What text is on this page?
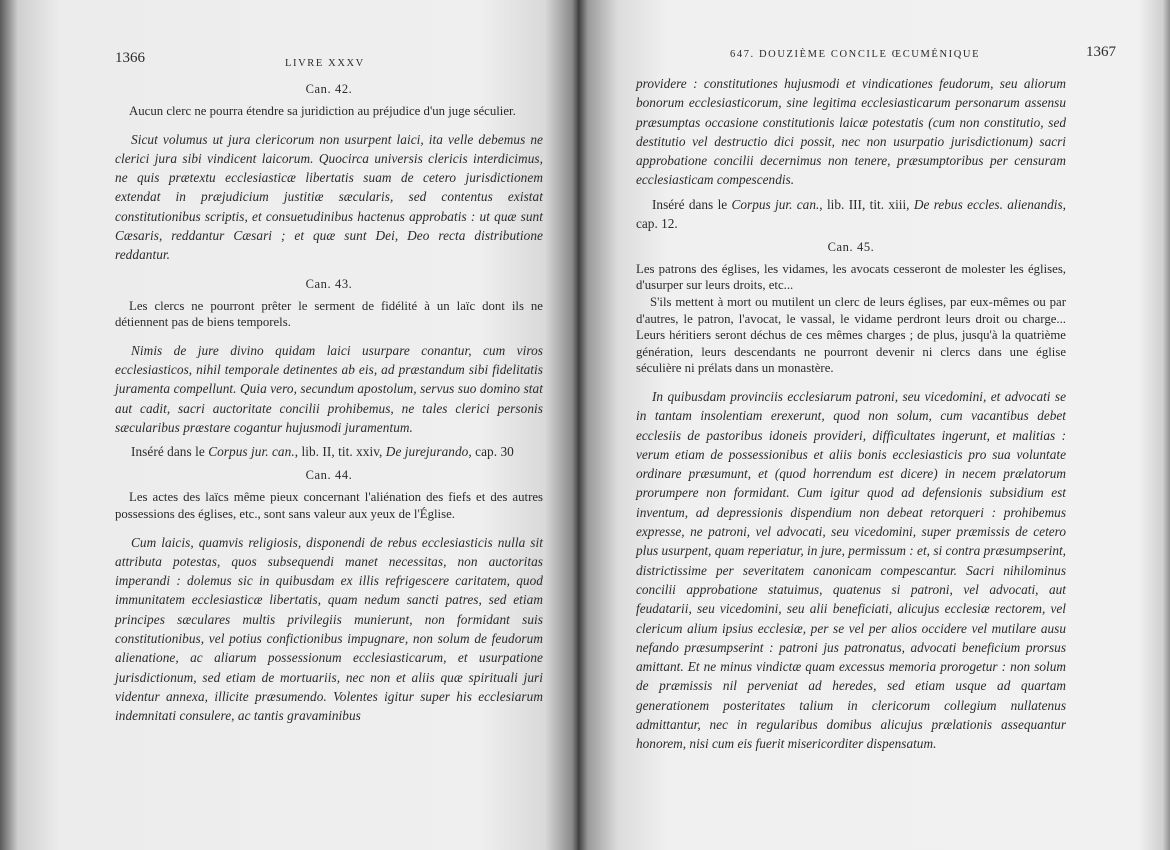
1366	LIVRE XXXV
Can. 42.

Aucun clerc ne pourra étendre sa juridiction au préjudice d'un juge séculier.

Sicut volumus ut jura clericorum non usurpent laici, ita velle debemus ne clerici jura sibi vindicent laicorum. Quocirca universis clericis interdicimus, ne quis prætextu ecclesiasticæ libertatis suam de cetero jurisdictionem extendat in præjudicium justitiæ sæcularis, sed contentus existat constitutionibus scriptis, et consuetudinibus hactenus approbatis : ut quæ sunt Cæsaris, reddantur Cæsari ; et quæ sunt Dei, Deo recta distributione reddantur.

Can. 43.

Les clercs ne pourront prêter le serment de fidélité à un laïc dont ils ne détiennent pas de biens temporels.

Nimis de jure divino quidam laici usurpare conantur, cum viros ecclesiasticos, nihil temporale detinentes ab eis, ad præstandum sibi fidelitatis juramenta compellunt. Quia vero, secundum apostolum, servus suo domino stat aut cadit, sacri auctoritate concilii prohibemus, ne tales clerici personis sæcularibus præstare cogantur hujusmodi juramentum.

Inséré dans le Corpus jur. can., lib. II, tit. xxiv, De jurejurando, cap. 30

Can. 44.

Les actes des laïcs même pieux concernant l'aliénation des fiefs et des autres possessions des églises, etc., sont sans valeur aux yeux de l'Église.

Cum laicis, quamvis religiosis, disponendi de rebus ecclesiasticis nulla sit attributa potestas, quos subsequendi manet necessitas, non auctoritas imperandi : dolemus sic in quibusdam ex illis refrigescere caritatem, quod immunitatem ecclesiasticæ libertatis, quam nedum sancti patres, sed etiam principes sæculares multis privilegiis munierunt, non formidant suis constitutionibus, vel potius confictionibus impugnare, non solum de feudorum alienatione, ac aliarum possessionum ecclesiasticarum, et usurpatione jurisdictionum, sed etiam de mortuariis, nec non et aliis quæ spirituali juri videntur annexa, illicite præsumendo. Volentes igitur super his ecclesiarum indemnitati consulere, ac tantis gravaminibus

647. DOUZIÈME CONCILE ŒCUMÉNIQUE	1367

providere : constitutiones hujusmodi et vindicationes feudorum, seu aliorum bonorum ecclesiasticorum, sine legitima ecclesiasticarum personarum assensu præsumptas occasione constitutionis laicæ potestatis (cum non constitutio, sed destitutio vel destructio dici possit, nec non usurpatio jurisdictionum) sacri approbatione concilii decernimus non tenere, præsumptoribus per censuram ecclesiasticam compescendis.

Inséré dans le Corpus jur. can., lib. III, tit. xiii, De rebus eccles. alienandis, cap. 12.

Can. 45.

Les patrons des églises, les vidames, les avocats cesseront de molester les églises, d'usurper sur leurs droits, etc...

S'ils mettent à mort ou mutilent un clerc de leurs églises, par eux-mêmes ou par d'autres, le patron, l'avocat, le vassal, le vidame perdront leurs droit ou charge... Leurs héritiers seront déchus de ces mêmes charges ; de plus, jusqu'à la quatrième génération, leurs descendants ne pourront devenir ni clercs dans une église séculière ni prélats dans un monastère.

In quibusdam provinciis ecclesiarum patroni, seu vicedomini, et advocati se in tantam insolentiam erexerunt, quod non solum, cum vacantibus debet ecclesiis de pastoribus idoneis provideri, difficultates ingerunt, et malitias : verum etiam de possessionibus et aliis bonis ecclesiasticis pro sua voluntate ordinare præsumunt, et (quod horrendum est dicere) in necem prælatorum prorumpere non formidant. Cum igitur quod ad defensionis subsidium est inventum, ad depressionis dispendium non debeat retorqueri : prohibemus expresse, ne patroni, vel advocati, seu vicedomini, super præmissis de cetero plus usurpent, quam reperiatur, in jure, permissum : et, si contra præsumpserint, districtissime per severitatem canonicam compescantur. Sacri nihilominus concilii approbatione statuimus, quatenus si patroni, vel advocati, aut feudatarii, seu vicedomini, seu alii beneficiati, alicujus ecclesiæ rectorem, vel clericum alium ipsius ecclesiæ, per se vel per alios occidere vel mutilare ausu nefando præsumpserint : patroni jus patronatus, advocati beneficium prorsus amittant. Et ne minus vindictæ quam excessus memoria prorogetur : non solum de præmissis nil perveniat ad heredes, sed etiam usque ad quartam generationem posteritates talium in clericorum collegium nullatenus admittantur, nec in regularibus domibus alicujus prælationis assequantur honorem, nisi cum eis fuerit misericorditer dispensatum.
